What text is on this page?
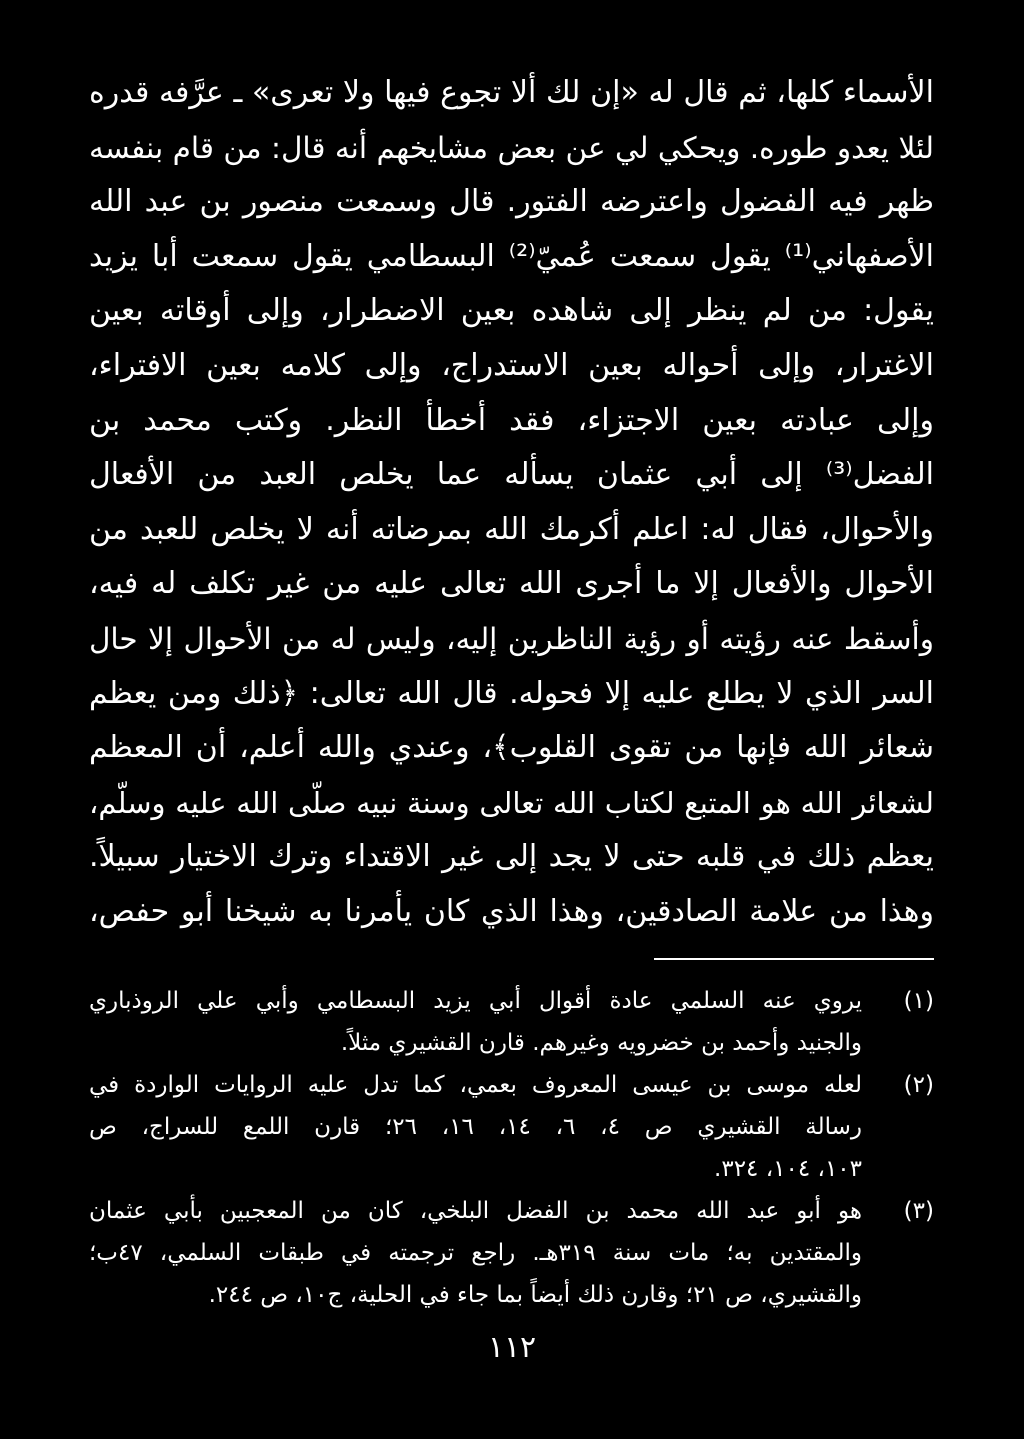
الأسماء كلها، ثم قال له «إن لك ألا تجوع فيها ولا تعرى» ـ عرَّفه قدره
لئلا يعدو طوره. ويحكي لي عن بعض مشايخهم أنه قال: من قام بنفسه
ظهر فيه الفضول واعترضه الفتور. قال وسمعت منصور بن عبد الله
الأصفهاني⁽¹⁾ يقول سمعت عُميّ⁽²⁾ البسطامي يقول سمعت أبا يزيد
يقول: من لم ينظر إلى شاهده بعين الاضطرار، وإلى أوقاته بعين
الاغترار، وإلى أحواله بعين الاستدراج، وإلى كلامه بعين الافتراء،
وإلى عبادته بعين الاجتزاء، فقد أخطأ النظر. وكتب محمد بن
الفضل⁽³⁾ إلى أبي عثمان يسأله عما يخلص العبد من الأفعال
والأحوال، فقال له: اعلم أكرمك الله بمرضاته أنه لا يخلص للعبد من
الأحوال والأفعال إلا ما أجرى الله تعالى عليه من غير تكلف له فيه،
وأسقط عنه رؤيته أو رؤية الناظرين إليه، وليس له من الأحوال إلا حال
السر الذي لا يطلع عليه إلا فحوله. قال الله تعالى: ﴿ذلك ومن يعظم
شعائر الله فإنها من تقوى القلوب﴾، وعندي والله أعلم، أن المعظم
لشعائر الله هو المتبع لكتاب الله تعالى وسنة نبيه صلّى الله عليه وسلّم،
يعظم ذلك في قلبه حتى لا يجد إلى غير الاقتداء وترك الاختيار سبيلاً.
وهذا من علامة الصادقين، وهذا الذي كان يأمرنا به شيخنا أبو حفص،
(١)
يروي عنه السلمي عادة أقوال أبي يزيد البسطامي وأبي علي الروذباري
والجنيد وأحمد بن خضرويه وغيرهم. قارن القشيري مثلاً.
(٢)
لعله موسى بن عيسى المعروف بعمي، كما تدل عليه الروايات الواردة في
رسالة القشيري ص ٤، ٦، ١٤، ١٦، ٢٦؛ قارن اللمع للسراج، ص
١٠٣، ١٠٤، ٣٢٤.
(٣)
هو أبو عبد الله محمد بن الفضل البلخي، كان من المعجبين بأبي عثمان
والمقتدين به؛ مات سنة ٣١٩هـ. راجع ترجمته في طبقات السلمي، ٤٧ب؛
والقشيري، ص ٢١؛ وقارن ذلك أيضاً بما جاء في الحلية، ج١٠، ص ٢٤٤.
١١٢
